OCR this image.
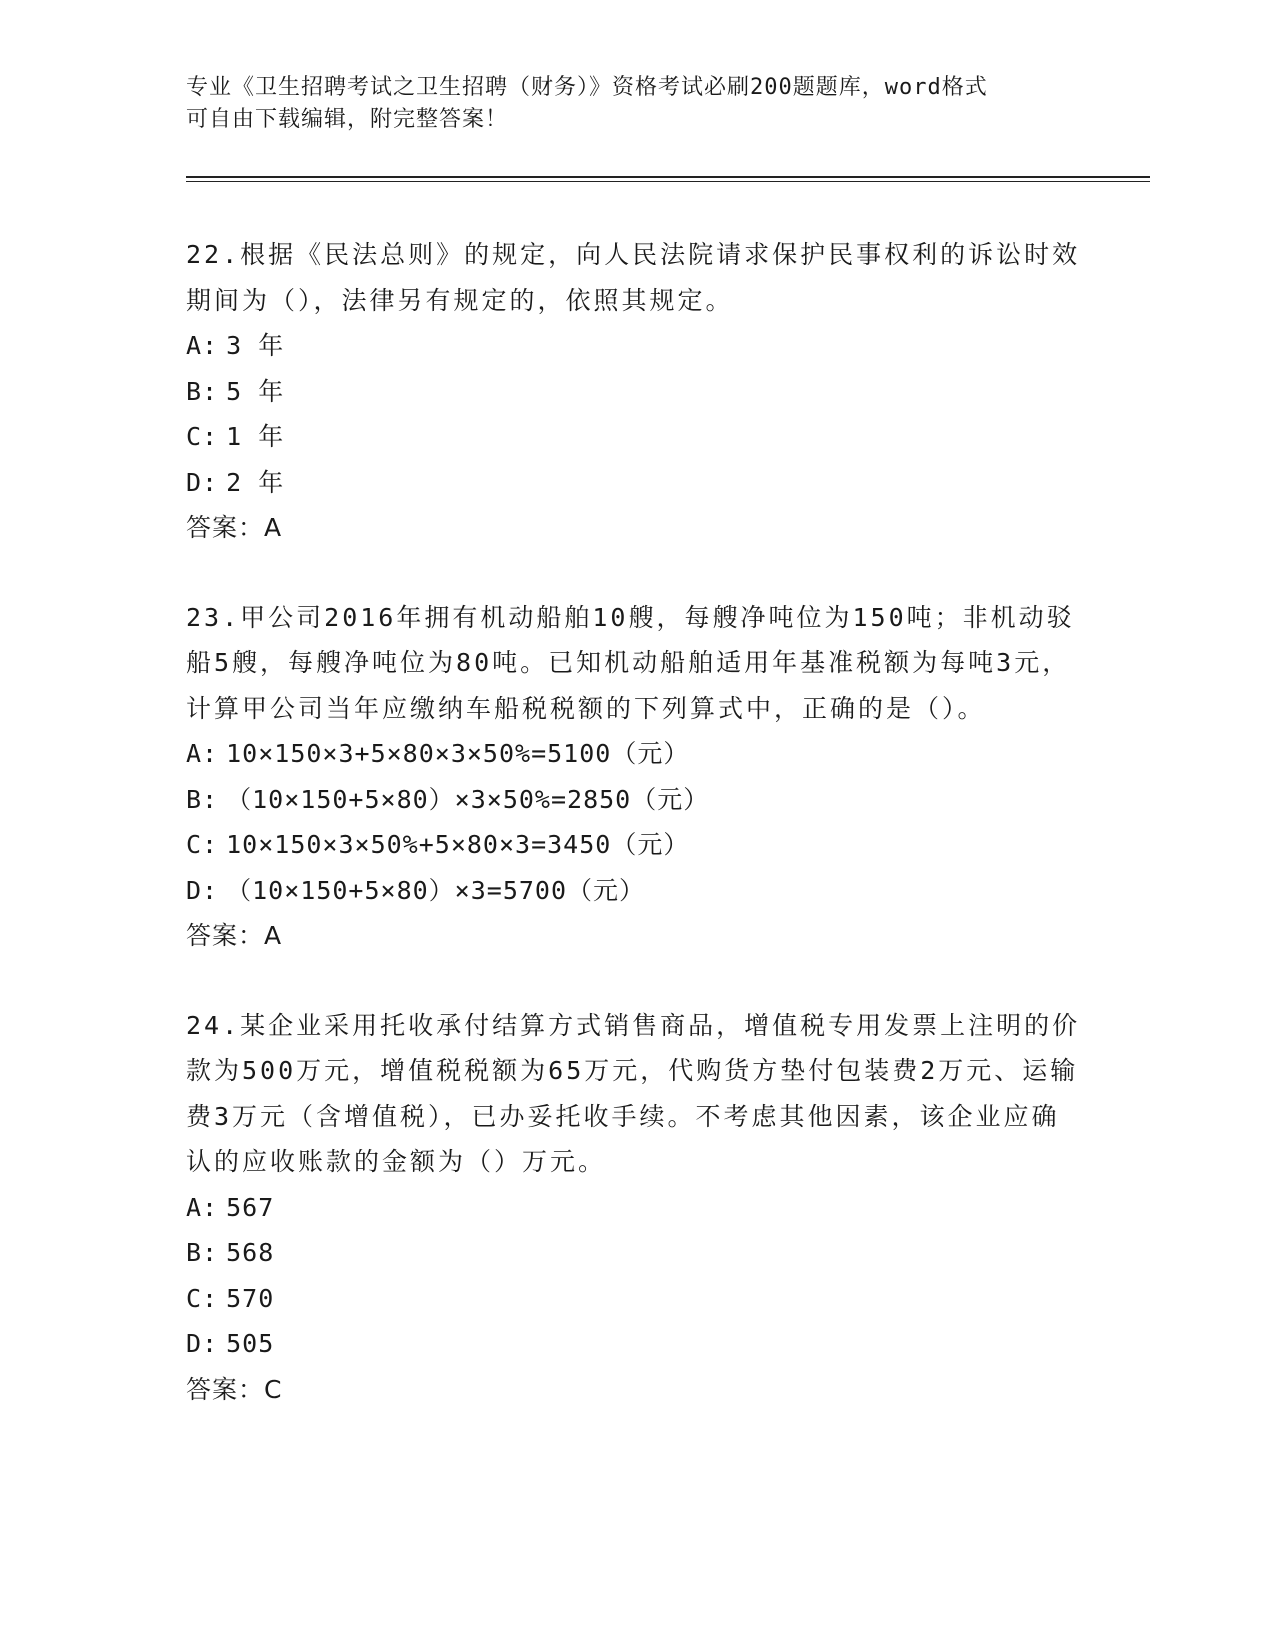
专业《卫生招聘考试之卫生招聘（财务）》资格考试必刷200题题库，word格式
可自由下载编辑，附完整答案！

22.根据《民法总则》的规定，向人民法院请求保护民事权利的诉讼时效期间为（），法律另有规定的，依照其规定。

A: 3 年

B: 5 年

C: 1 年

D: 2 年

答案：A

23.甲公司2016年拥有机动船舶10艘，每艘净吨位为150吨；非机动驳船5艘，每艘净吨位为80吨。已知机动船舶适用年基准税额为每吨3元，计算甲公司当年应缴纳车船税税额的下列算式中，正确的是（）。

A: 10×150×3+5×80×3×50%=5100（元）

B: （10×150+5×80）×3×50%=2850（元）

C: 10×150×3×50%+5×80×3=3450（元）

D: （10×150+5×80）×3=5700（元）

答案：A

24.某企业采用托收承付结算方式销售商品，增值税专用发票上注明的价款为500万元，增值税税额为65万元，代购货方垫付包装费2万元、运输费3万元（含增值税），已办妥托收手续。不考虑其他因素，该企业应确认的应收账款的金额为（）万元。

A: 567

B: 568

C: 570

D: 505

答案：C
